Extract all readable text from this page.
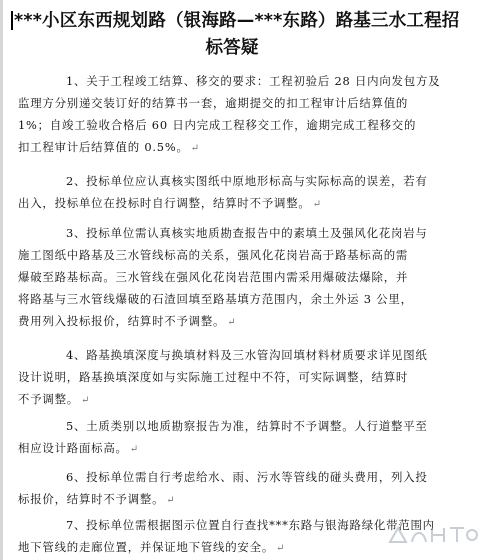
***小区东西规划路（银海路—***东路）路基三水工程招
标答疑
1、关于工程竣工结算、移交的要求：工程初验后 28 日内向发包方及
监理方分别递交装订好的结算书一套，逾期提交的扣工程审计后结算值的
1%；自竣工验收合格后 60 日内完成工程移交工作，逾期完成工程移交的
扣工程审计后结算值的 0.5%。 ↵
2、投标单位应认真核实图纸中原地形标高与实际标高的误差，若有
出入，投标单位在投标时自行调整，结算时不予调整。 ↵
3、投标单位需认真核实地质勘查报告中的素填土及强风化花岗岩与
施工图纸中路基及三水管线标高的关系，强风化花岗岩高于路基标高的需
爆破至路基标高。三水管线在强风化花岗岩范围内需采用爆破法爆除，并
将路基与三水管线爆破的石渣回填至路基填方范围内，余土外运 3 公里，
费用列入投标报价，结算时不予调整。 ↵
4、路基换填深度与换填材料及三水管沟回填材料材质要求详见图纸
设计说明，路基换填深度如与实际施工过程中不符，可实际调整，结算时
不予调整。 ↵
5、土质类别以地质勘察报告为准，结算时不予调整。人行道整平至
相应设计路面标高。 ↵
6、投标单位需自行考虑给水、雨、污水等管线的碰头费用，列入投
标报价，结算时不予调整。 ↵
7、投标单位需根据图示位置自行查找***东路与银海路绿化带范围内
地下管线的走廊位置，并保证地下管线的安全。 ↵
